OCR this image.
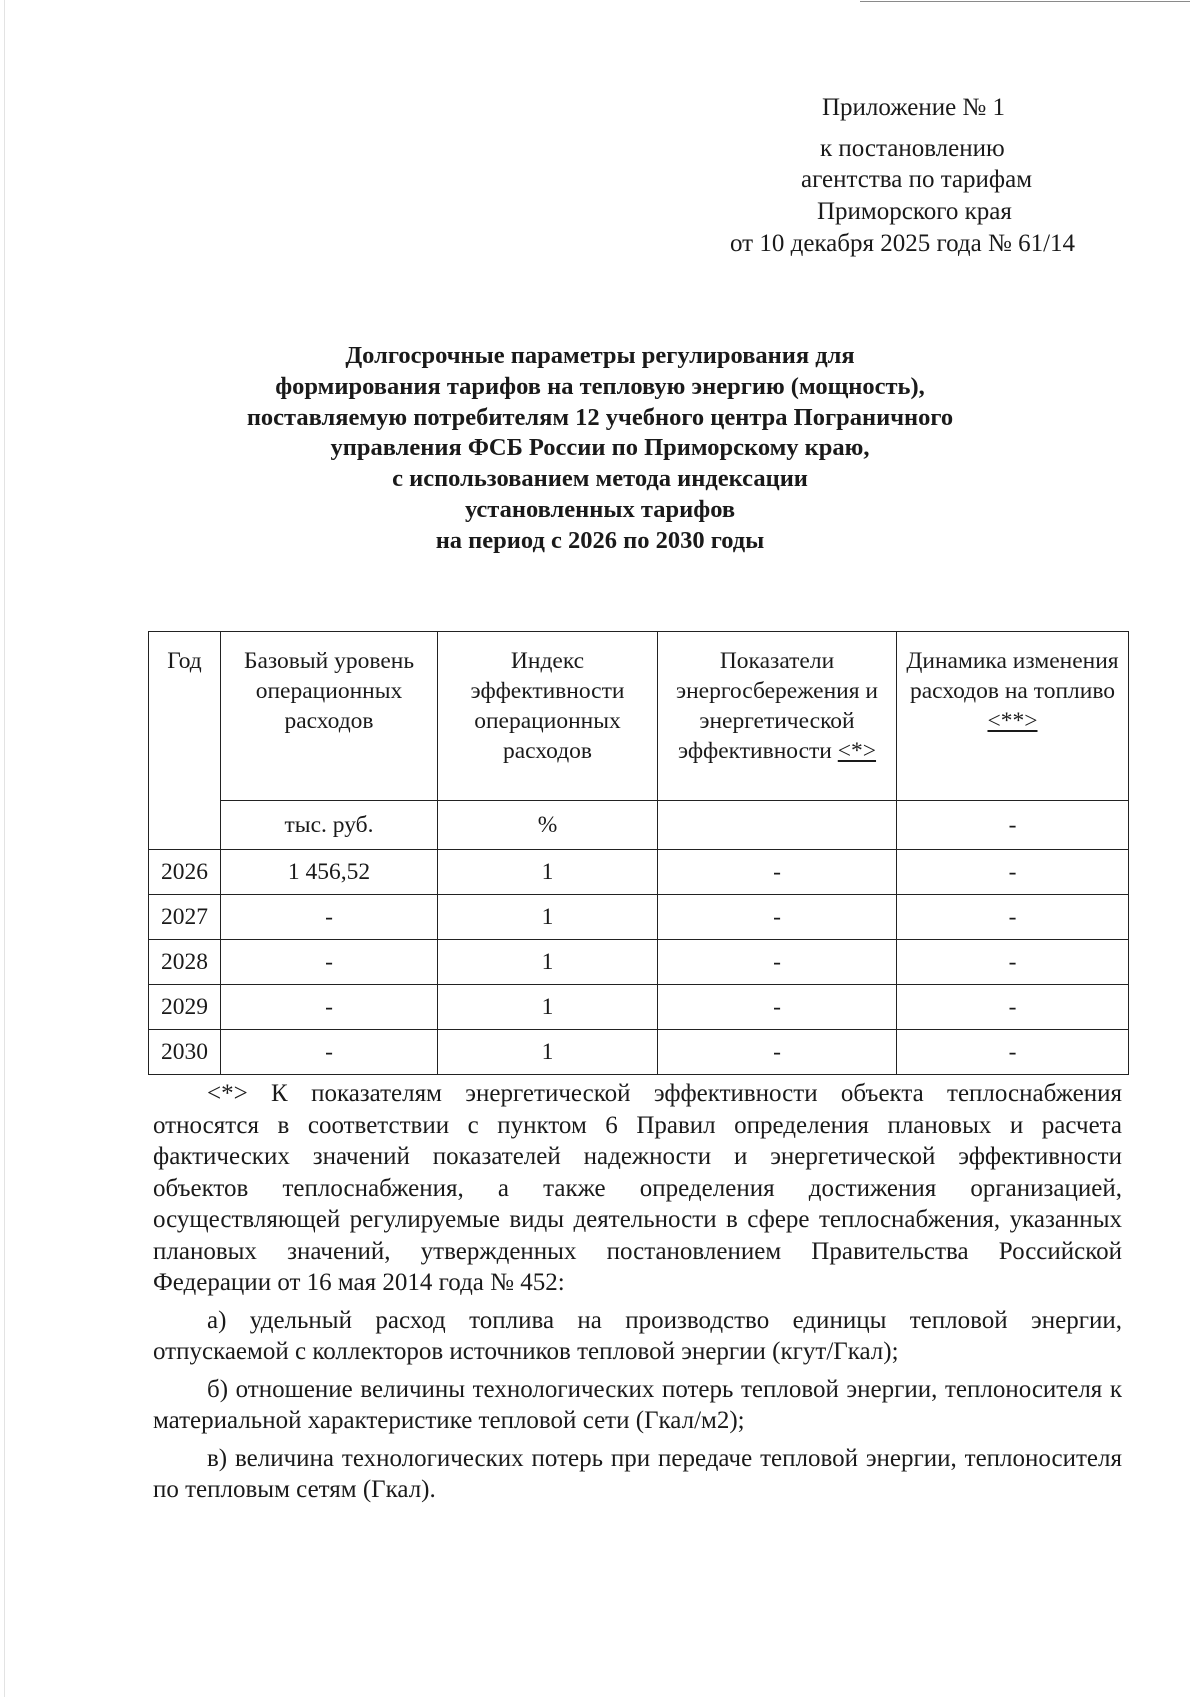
Приложение № 1
к постановлению
агентства по тарифам
Приморского края
от 10 декабря 2025 года № 61/14
Долгосрочные параметры регулирования для
формирования тарифов на тепловую энергию (мощность),
поставляемую потребителям 12 учебного центра Пограничного
управления ФСБ России по Приморскому краю,
с использованием метода индексации
установленных тарифов
на период с 2026 по 2030 годы
Год	Базовый уровень операционных расходов	Индекс эффективности операционных расходов	Показатели энергосбережения и энергетической эффективности <*>	Динамика изменения расходов на топливо
<**>
	тыс. руб.	%		-
2026	1 456,52	1	-	-
2027	-	1	-	-
2028	-	1	-	-
2029	-	1	-	-
2030	-	1	-	-

<*> К показателям энергетической эффективности объекта теплоснабжения относятся в соответствии с пунктом 6 Правил определения плановых и расчета фактических значений показателей надежности и энергетической эффективности объектов теплоснабжения, а также определения достижения организацией, осуществляющей регулируемые виды деятельности в сфере теплоснабжения, указанных плановых значений, утвержденных постановлением Правительства Российской Федерации от 16 мая 2014 года № 452:

а) удельный расход топлива на производство единицы тепловой энергии, отпускаемой с коллекторов источников тепловой энергии (кгут/Гкал);

б) отношение величины технологических потерь тепловой энергии, теплоносителя к материальной характеристике тепловой сети (Гкал/м2);

в) величина технологических потерь при передаче тепловой энергии, теплоносителя по тепловым сетям (Гкал).
